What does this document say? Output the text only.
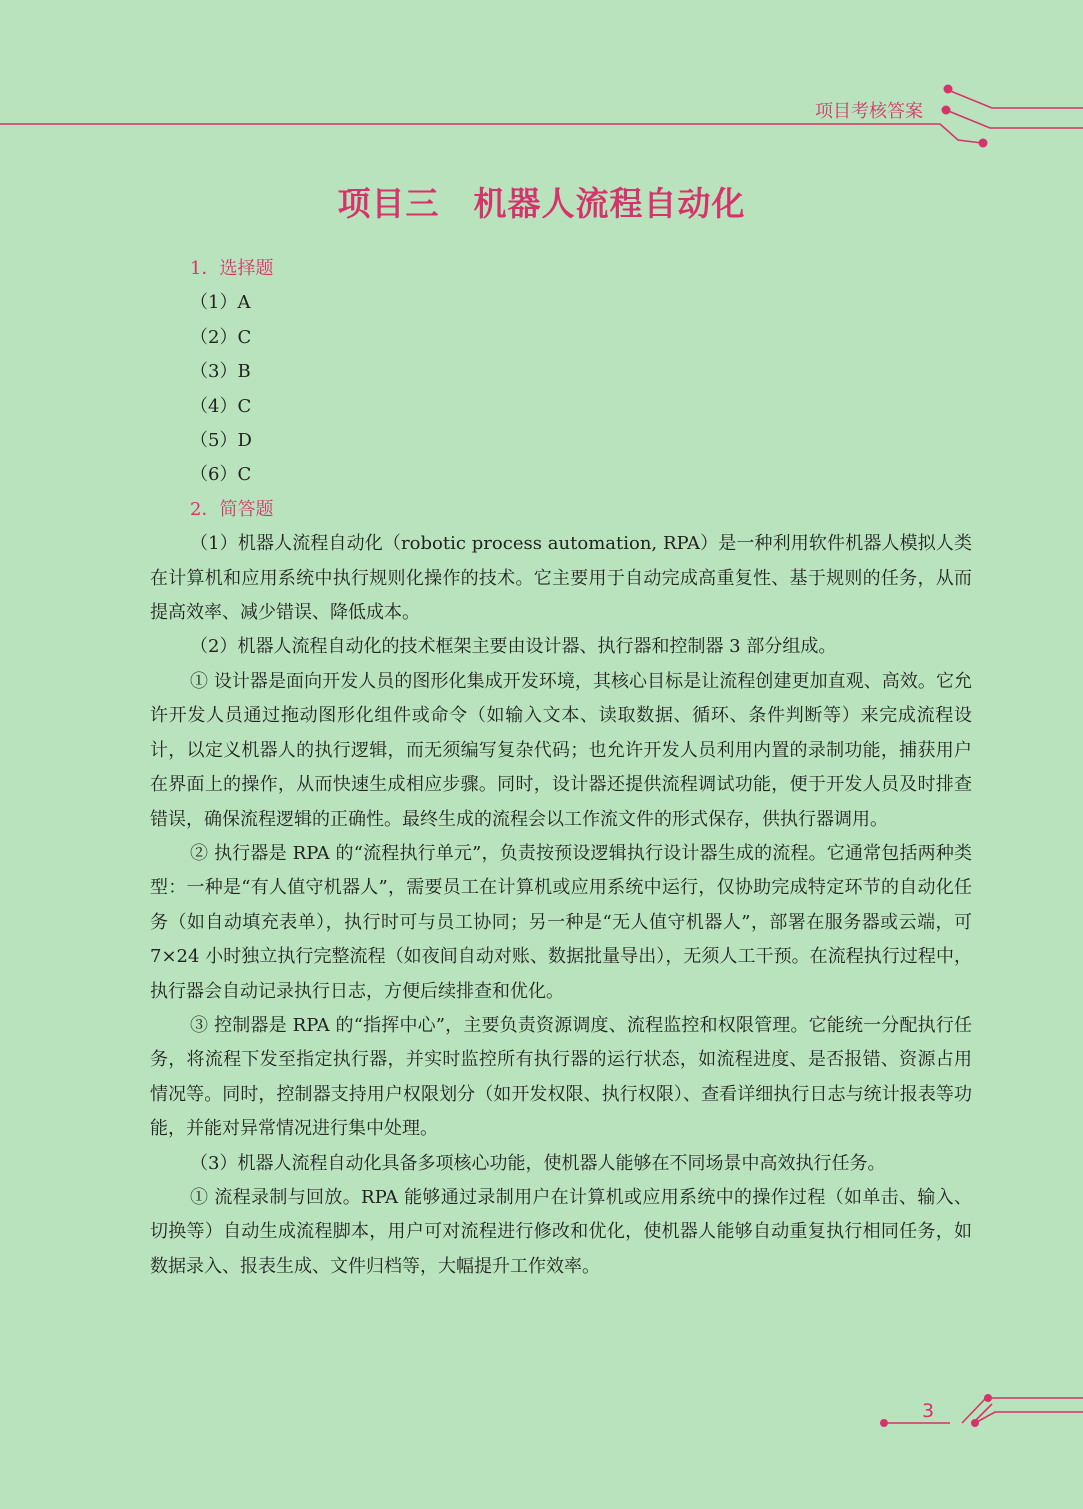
项目考核答案
项目三　机器人流程自动化
1．选择题
（1）A
（2）C
（3）B
（4）C
（5）D
（6）C
2．简答题
（1）机器人流程自动化（robotic process automation, RPA）是一种利用软件机器人模拟人类在计算机和应用系统中执行规则化操作的技术。它主要用于自动完成高重复性、基于规则的任务，从而提高效率、减少错误、降低成本。
（2）机器人流程自动化的技术框架主要由设计器、执行器和控制器 3 部分组成。
① 设计器是面向开发人员的图形化集成开发环境，其核心目标是让流程创建更加直观、高效。它允许开发人员通过拖动图形化组件或命令（如输入文本、读取数据、循环、条件判断等）来完成流程设计，以定义机器人的执行逻辑，而无须编写复杂代码；也允许开发人员利用内置的录制功能，捕获用户在界面上的操作，从而快速生成相应步骤。同时，设计器还提供流程调试功能，便于开发人员及时排查错误，确保流程逻辑的正确性。最终生成的流程会以工作流文件的形式保存，供执行器调用。
② 执行器是 RPA 的“流程执行单元”，负责按预设逻辑执行设计器生成的流程。它通常包括两种类型：一种是“有人值守机器人”，需要员工在计算机或应用系统中运行，仅协助完成特定环节的自动化任务（如自动填充表单），执行时可与员工协同；另一种是“无人值守机器人”，部署在服务器或云端，可 7×24 小时独立执行完整流程（如夜间自动对账、数据批量导出），无须人工干预。在流程执行过程中，执行器会自动记录执行日志，方便后续排查和优化。
③ 控制器是 RPA 的“指挥中心”，主要负责资源调度、流程监控和权限管理。它能统一分配执行任务，将流程下发至指定执行器，并实时监控所有执行器的运行状态，如流程进度、是否报错、资源占用情况等。同时，控制器支持用户权限划分（如开发权限、执行权限）、查看详细执行日志与统计报表等功能，并能对异常情况进行集中处理。
（3）机器人流程自动化具备多项核心功能，使机器人能够在不同场景中高效执行任务。
① 流程录制与回放。RPA 能够通过录制用户在计算机或应用系统中的操作过程（如单击、输入、切换等）自动生成流程脚本，用户可对流程进行修改和优化，使机器人能够自动重复执行相同任务，如数据录入、报表生成、文件归档等，大幅提升工作效率。
3
